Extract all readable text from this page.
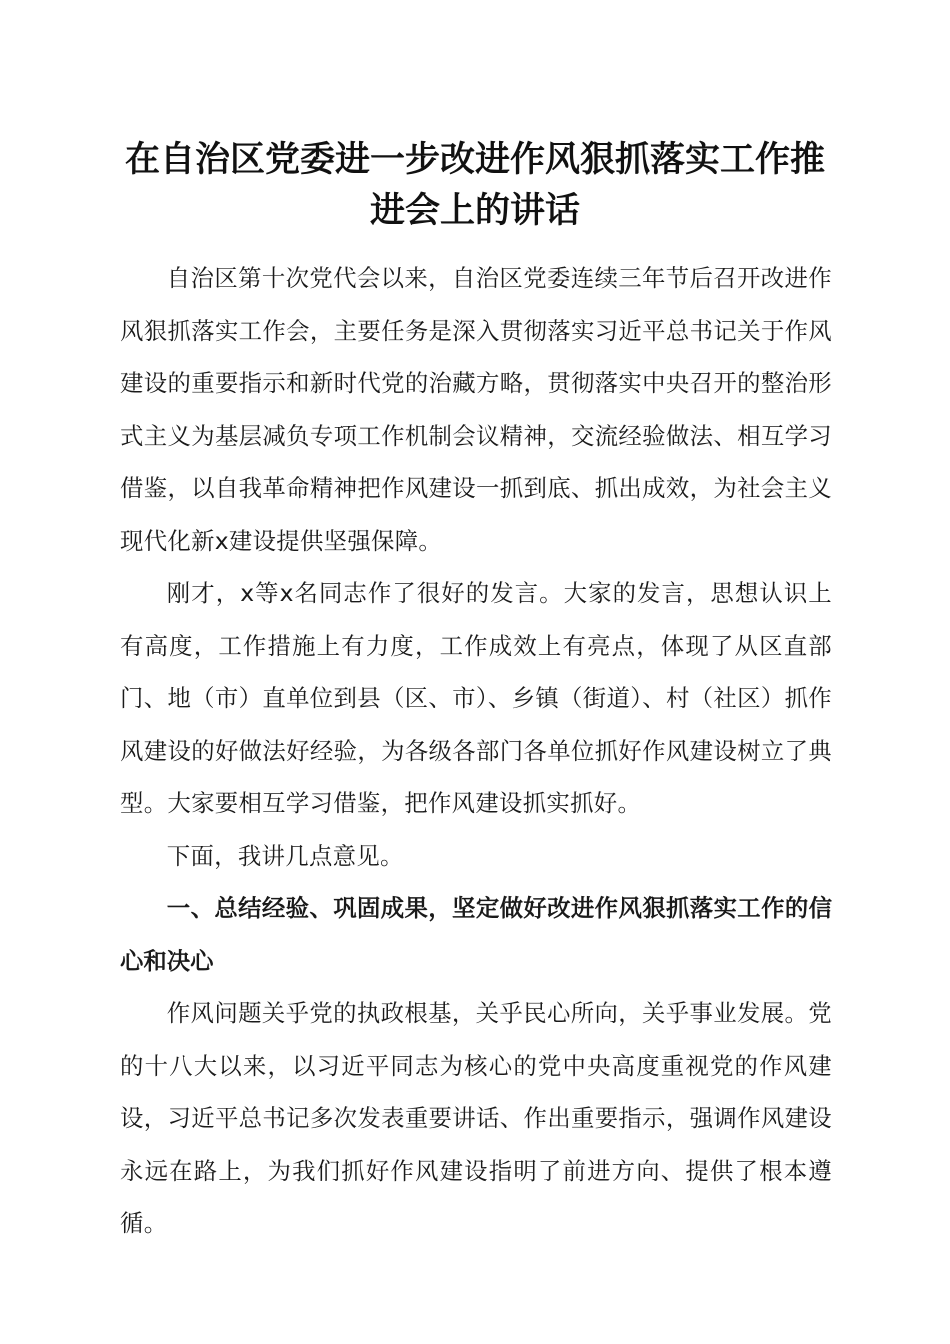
在自治区党委进一步改进作风狠抓落实工作推
进会上的讲话

自治区第十次党代会以来，自治区党委连续三年节后召开改进作风狠抓落实工作会，主要任务是深入贯彻落实习近平总书记关于作风建设的重要指示和新时代党的治藏方略，贯彻落实中央召开的整治形式主义为基层减负专项工作机制会议精神，交流经验做法、相互学习借鉴，以自我革命精神把作风建设一抓到底、抓出成效，为社会主义现代化新x建设提供坚强保障。

刚才，x等x名同志作了很好的发言。大家的发言，思想认识上有高度，工作措施上有力度，工作成效上有亮点，体现了从区直部门、地（市）直单位到县（区、市）、乡镇（街道）、村（社区）抓作风建设的好做法好经验，为各级各部门各单位抓好作风建设树立了典型。大家要相互学习借鉴，把作风建设抓实抓好。

下面，我讲几点意见。

一、总结经验、巩固成果，坚定做好改进作风狠抓落实工作的信心和决心

作风问题关乎党的执政根基，关乎民心所向，关乎事业发展。党的十八大以来，以习近平同志为核心的党中央高度重视党的作风建设，习近平总书记多次发表重要讲话、作出重要指示，强调作风建设永远在路上，为我们抓好作风建设指明了前进方向、提供了根本遵循。
